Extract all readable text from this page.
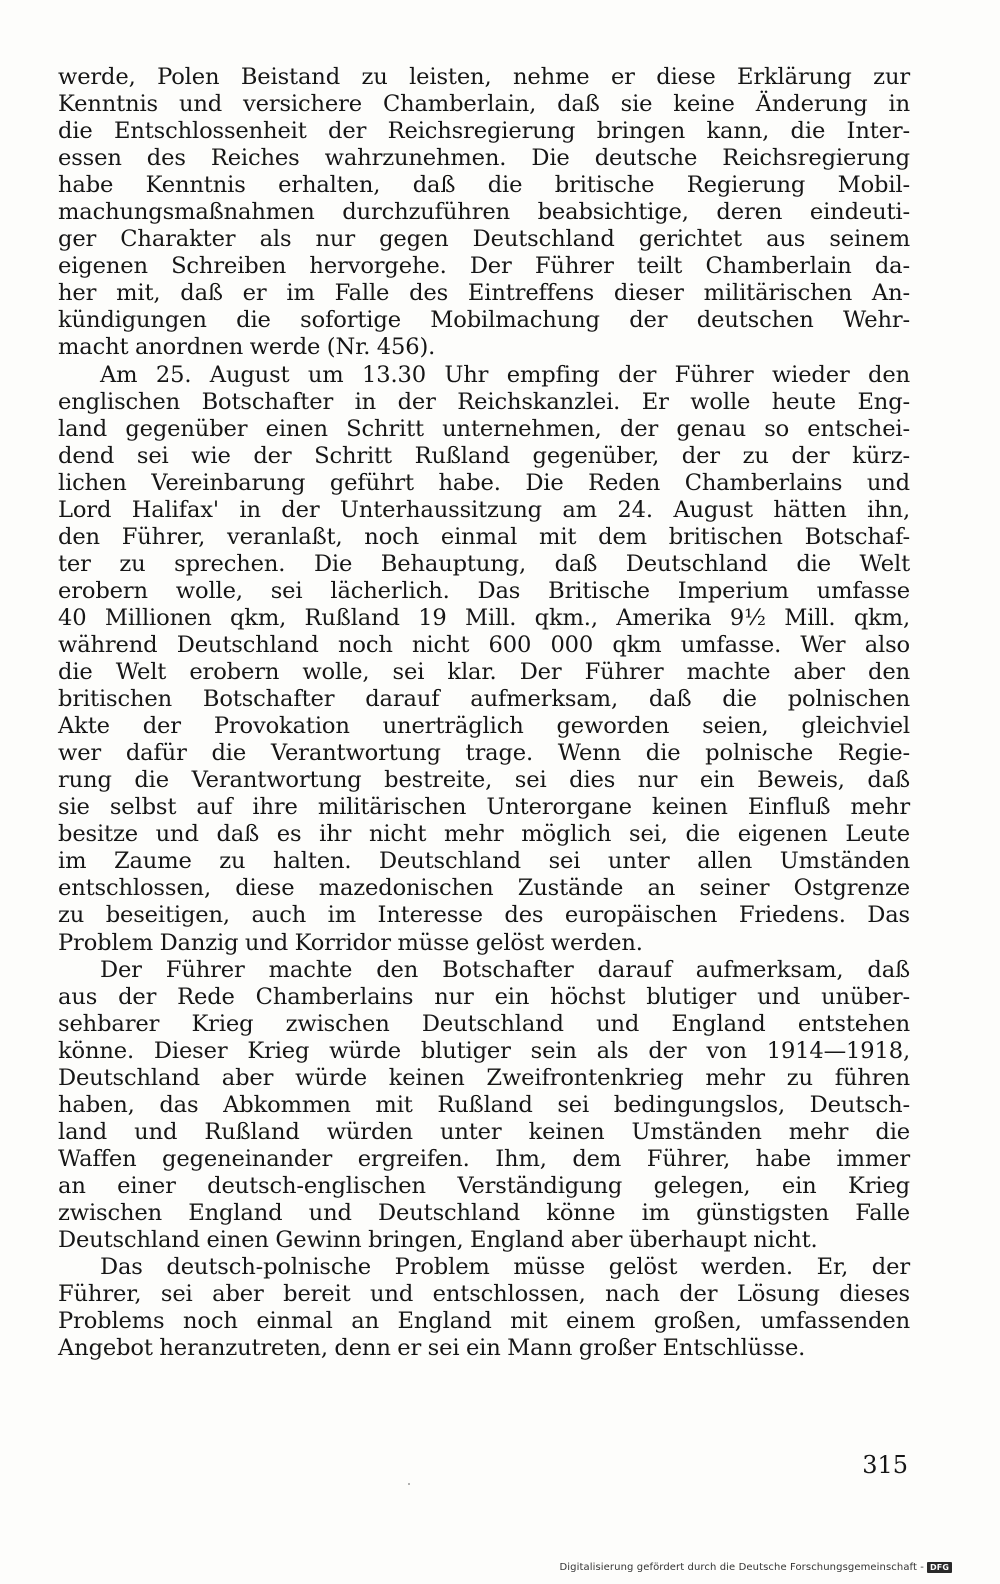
werde, Polen Beistand zu leisten, nehme er diese Erklärung zur
Kenntnis und versichere Chamberlain, daß sie keine Änderung in
die Entschlossenheit der Reichsregierung bringen kann, die Inter-
essen des Reiches wahrzunehmen. Die deutsche Reichsregierung
habe Kenntnis erhalten, daß die britische Regierung Mobil-
machungsmaßnahmen durchzuführen beabsichtige, deren eindeuti-
ger Charakter als nur gegen Deutschland gerichtet aus seinem
eigenen Schreiben hervorgehe. Der Führer teilt Chamberlain da-
her mit, daß er im Falle des Eintreffens dieser militärischen An-
kündigungen die sofortige Mobilmachung der deutschen Wehr-
macht anordnen werde (Nr. 456).
Am 25. August um 13.30 Uhr empfing der Führer wieder den
englischen Botschafter in der Reichskanzlei. Er wolle heute Eng-
land gegenüber einen Schritt unternehmen, der genau so entschei-
dend sei wie der Schritt Rußland gegenüber, der zu der kürz-
lichen Vereinbarung geführt habe. Die Reden Chamberlains und
Lord Halifax' in der Unterhaussitzung am 24. August hätten ihn,
den Führer, veranlaßt, noch einmal mit dem britischen Botschaf-
ter zu sprechen. Die Behauptung, daß Deutschland die Welt
erobern wolle, sei lächerlich. Das Britische Imperium umfasse
40 Millionen qkm, Rußland 19 Mill. qkm., Amerika 9½ Mill. qkm,
während Deutschland noch nicht 600 000 qkm umfasse. Wer also
die Welt erobern wolle, sei klar. Der Führer machte aber den
britischen Botschafter darauf aufmerksam, daß die polnischen
Akte der Provokation unerträglich geworden seien, gleichviel
wer dafür die Verantwortung trage. Wenn die polnische Regie-
rung die Verantwortung bestreite, sei dies nur ein Beweis, daß
sie selbst auf ihre militärischen Unterorgane keinen Einfluß mehr
besitze und daß es ihr nicht mehr möglich sei, die eigenen Leute
im Zaume zu halten. Deutschland sei unter allen Umständen
entschlossen, diese mazedonischen Zustände an seiner Ostgrenze
zu beseitigen, auch im Interesse des europäischen Friedens. Das
Problem Danzig und Korridor müsse gelöst werden.
Der Führer machte den Botschafter darauf aufmerksam, daß
aus der Rede Chamberlains nur ein höchst blutiger und unüber-
sehbarer Krieg zwischen Deutschland und England entstehen
könne. Dieser Krieg würde blutiger sein als der von 1914—1918,
Deutschland aber würde keinen Zweifrontenkrieg mehr zu führen
haben, das Abkommen mit Rußland sei bedingungslos, Deutsch-
land und Rußland würden unter keinen Umständen mehr die
Waffen gegeneinander ergreifen. Ihm, dem Führer, habe immer
an einer deutsch-englischen Verständigung gelegen, ein Krieg
zwischen England und Deutschland könne im günstigsten Falle
Deutschland einen Gewinn bringen, England aber überhaupt nicht.
Das deutsch-polnische Problem müsse gelöst werden. Er, der
Führer, sei aber bereit und entschlossen, nach der Lösung dieses
Problems noch einmal an England mit einem großen, umfassenden
Angebot heranzutreten, denn er sei ein Mann großer Entschlüsse.
315
Digitalisierung gefördert durch die Deutsche Forschungsgemeinschaft - DFG
